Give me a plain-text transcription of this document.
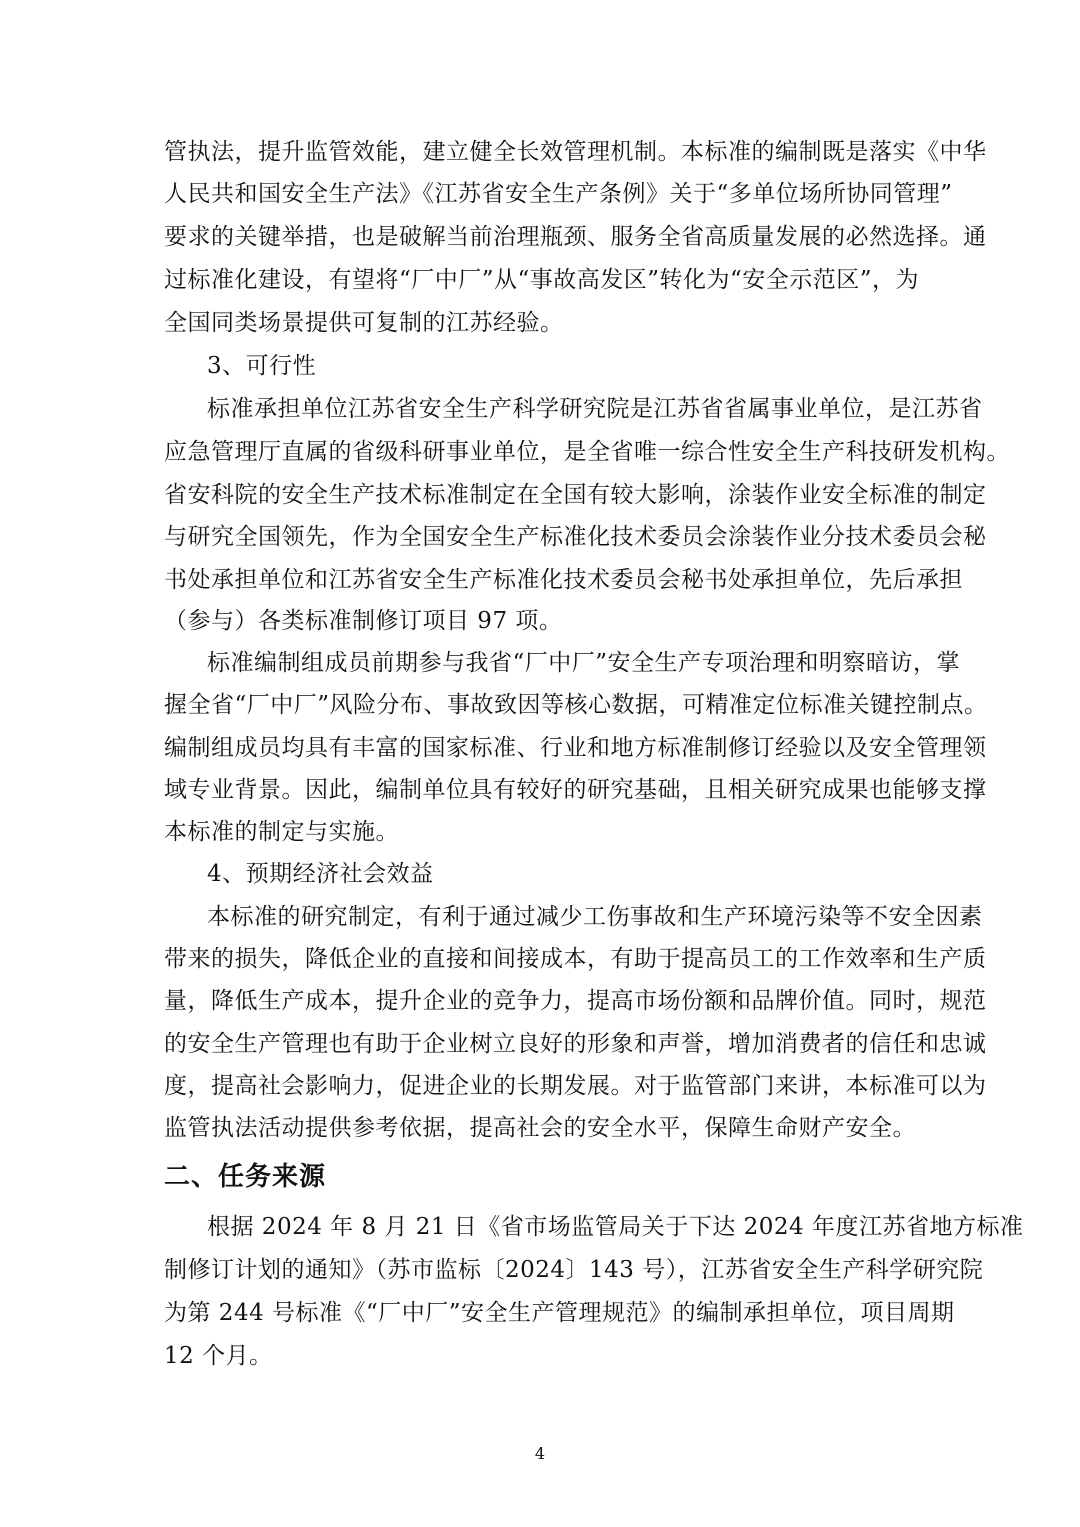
管执法，提升监管效能，建立健全长效管理机制。本标准的编制既是落实《中华
人民共和国安全生产法》《江苏省安全生产条例》关于“多单位场所协同管理”
要求的关键举措，也是破解当前治理瓶颈、服务全省高质量发展的必然选择。通
过标准化建设，有望将“厂中厂”从“事故高发区”转化为“安全示范区”，为
全国同类场景提供可复制的江苏经验。
3、可行性
标准承担单位江苏省安全生产科学研究院是江苏省省属事业单位，是江苏省
应急管理厅直属的省级科研事业单位，是全省唯一综合性安全生产科技研发机构。
省安科院的安全生产技术标准制定在全国有较大影响，涂装作业安全标准的制定
与研究全国领先，作为全国安全生产标准化技术委员会涂装作业分技术委员会秘
书处承担单位和江苏省安全生产标准化技术委员会秘书处承担单位，先后承担
（参与）各类标准制修订项目 97 项。
标准编制组成员前期参与我省“厂中厂”安全生产专项治理和明察暗访，掌
握全省“厂中厂”风险分布、事故致因等核心数据，可精准定位标准关键控制点。
编制组成员均具有丰富的国家标准、行业和地方标准制修订经验以及安全管理领
域专业背景。因此，编制单位具有较好的研究基础，且相关研究成果也能够支撑
本标准的制定与实施。
4、预期经济社会效益
本标准的研究制定，有利于通过减少工伤事故和生产环境污染等不安全因素
带来的损失，降低企业的直接和间接成本，有助于提高员工的工作效率和生产质
量，降低生产成本，提升企业的竞争力，提高市场份额和品牌价值。同时，规范
的安全生产管理也有助于企业树立良好的形象和声誉，增加消费者的信任和忠诚
度，提高社会影响力，促进企业的长期发展。对于监管部门来讲，本标准可以为
监管执法活动提供参考依据，提高社会的安全水平，保障生命财产安全。
二、任务来源
根据 2024 年 8 月 21 日《省市场监管局关于下达 2024 年度江苏省地方标准
制修订计划的通知》（苏市监标〔2024〕143 号），江苏省安全生产科学研究院
为第 244 号标准《“厂中厂”安全生产管理规范》的编制承担单位，项目周期
12 个月。
4
